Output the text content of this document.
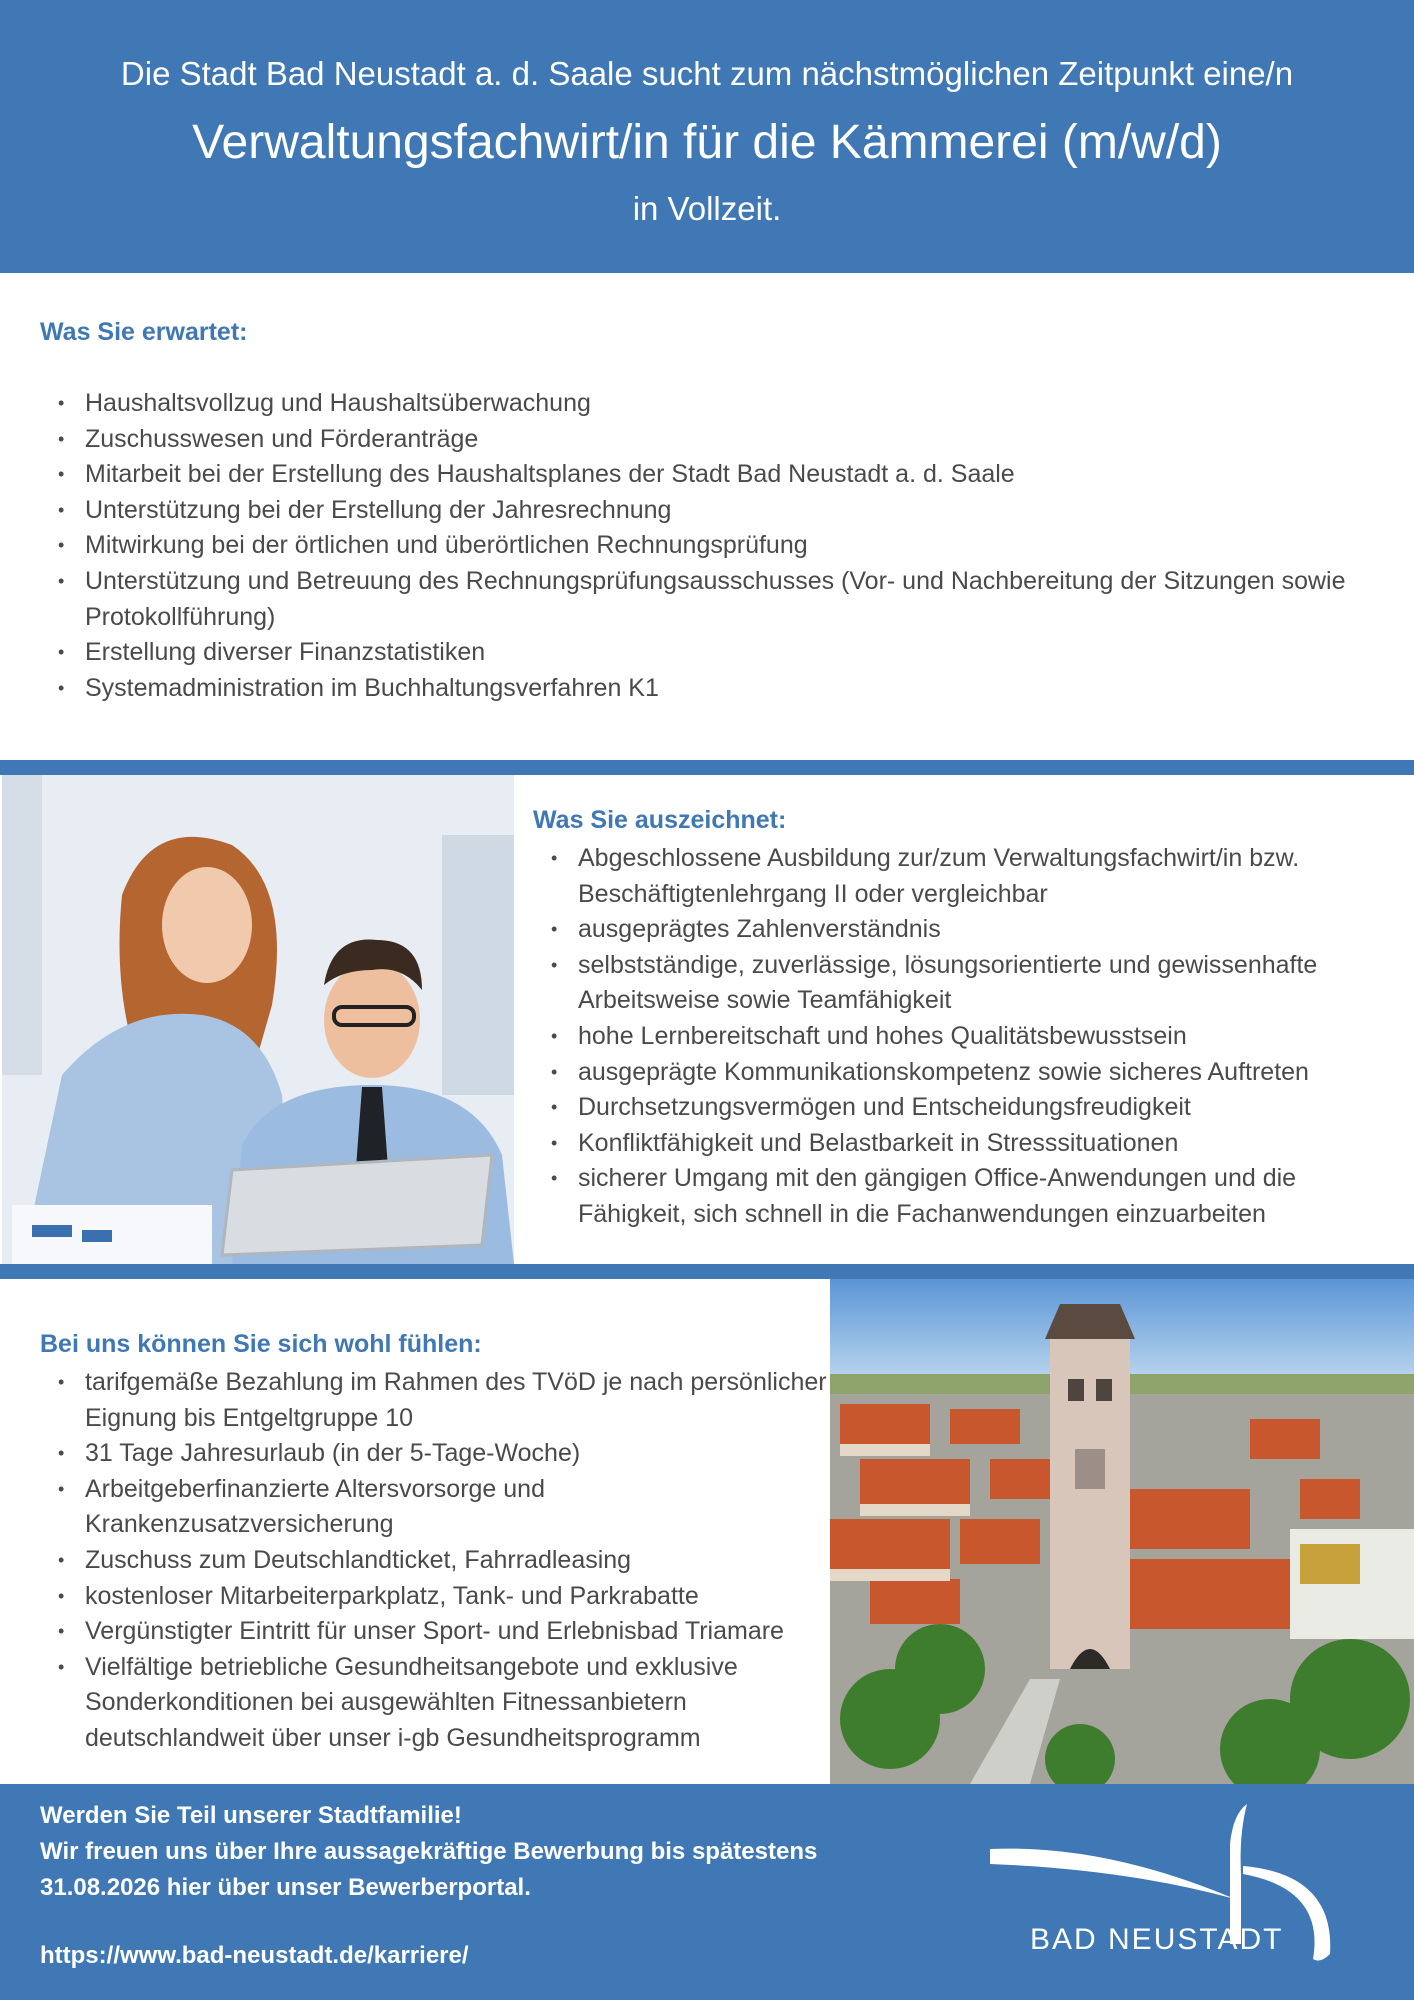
Die Stadt Bad Neustadt a. d. Saale sucht zum nächstmöglichen Zeitpunkt eine/n
Verwaltungsfachwirt/in für die Kämmerei (m/w/d)
in Vollzeit.
Was Sie erwartet:
• Haushaltsvollzug und Haushaltsüberwachung
• Zuschusswesen und Förderanträge
• Mitarbeit bei der Erstellung des Haushaltsplanes der Stadt Bad Neustadt a. d. Saale
• Unterstützung bei der Erstellung der Jahresrechnung
• Mitwirkung bei der örtlichen und überörtlichen Rechnungsprüfung
• Unterstützung und Betreuung des Rechnungsprüfungsausschusses (Vor- und Nachbereitung der Sitzungen sowie Protokollführung)
• Erstellung diverser Finanzstatistiken
• Systemadministration im Buchhaltungsverfahren K1
Was Sie auszeichnet:
• Abgeschlossene Ausbildung zur/zum Verwaltungsfachwirt/in bzw. Beschäftigtenlehrgang II oder vergleichbar
• ausgeprägtes Zahlenverständnis
• selbstständige, zuverlässige, lösungsorientierte und gewissenhafte Arbeitsweise sowie Teamfähigkeit
• hohe Lernbereitschaft und hohes Qualitätsbewusstsein
• ausgeprägte Kommunikationskompetenz sowie sicheres Auftreten
• Durchsetzungsvermögen und Entscheidungsfreudigkeit
• Konfliktfähigkeit und Belastbarkeit in Stresssituationen
• sicherer Umgang mit den gängigen Office-Anwendungen und die Fähigkeit, sich schnell in die Fachanwendungen einzuarbeiten
Bei uns können Sie sich wohl fühlen:
• tarifgemäße Bezahlung im Rahmen des TVöD je nach persönlicher Eignung bis Entgeltgruppe 10
• 31 Tage Jahresurlaub (in der 5-Tage-Woche)
• Arbeitgeberfinanzierte Altersvorsorge und Krankenzusatzversicherung
• Zuschuss zum Deutschlandticket, Fahrradleasing
• kostenloser Mitarbeiterparkplatz, Tank- und Parkrabatte
• Vergünstigter Eintritt für unser Sport- und Erlebnisbad Triamare
• Vielfältige betriebliche Gesundheitsangebote und exklusive Sonderkonditionen bei ausgewählten Fitnessanbietern deutschlandweit über unser i-gb Gesundheitsprogramm
Werden Sie Teil unserer Stadtfamilie!
Wir freuen uns über Ihre aussagekräftige Bewerbung bis spätestens
31.08.2026 hier über unser Bewerberportal.
https://www.bad-neustadt.de/karriere/	BAD NEUSTADT
